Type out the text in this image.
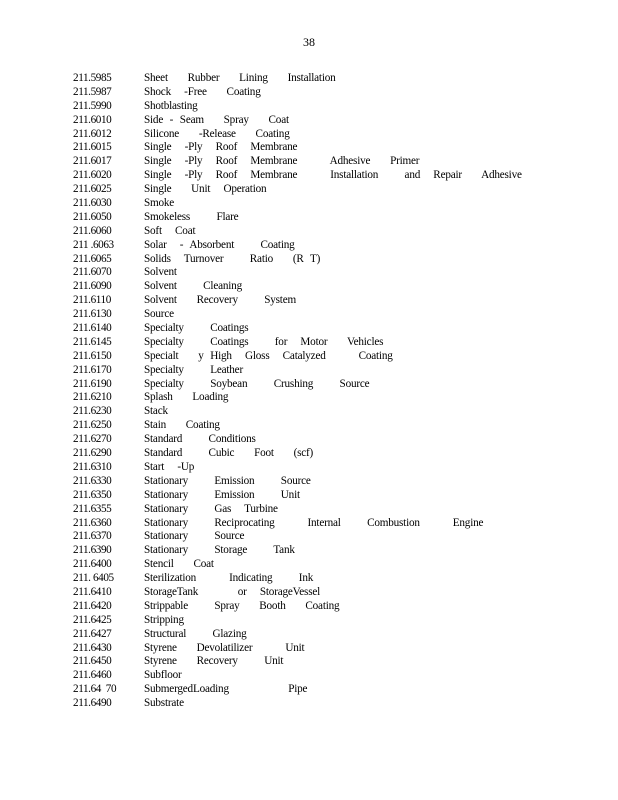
38
211.5985	Sheet   Rubber   Lining   Installation
211.5987	Shock  -Free   Coating
211.5990	Shotblasting
211.6010	Side - Seam   Spray   Coat
211.6012	Silicone   -Release   Coating
211.6015	Single  -Ply  Roof  Membrane
211.6017	Single  -Ply  Roof  Membrane     Adhesive   Primer
211.6020	Single  -Ply  Roof  Membrane     Installation    and  Repair   Adhesive
211.6025	Single   Unit  Operation
211.6030	Smoke
211.6050	Smokeless    Flare
211.6060	Soft  Coat
211 .6063	Solar  - Absorbent    Coating
211.6065	Solids  Turnover    Ratio   (R T)
211.6070	Solvent
211.6090	Solvent    Cleaning
211.6110	Solvent   Recovery    System
211.6130	Source
211.6140	Specialty    Coatings
211.6145	Specialty    Coatings    for  Motor   Vehicles
211.6150	Specialt   y High  Gloss  Catalyzed     Coating
211.6170	Specialty    Leather
211.6190	Specialty    Soybean    Crushing    Source
211.6210	Splash   Loading
211.6230	Stack
211.6250	Stain   Coating
211.6270	Standard    Conditions
211.6290	Standard    Cubic   Foot   (scf)
211.6310	Start  -Up
211.6330	Stationary    Emission    Source
211.6350	Stationary    Emission    Unit
211.6355	Stationary    Gas  Turbine
211.6360	Stationary    Reciprocating     Internal    Combustion     Engine
211.6370	Stationary    Source
211.6390	Stationary    Storage    Tank
211.6400	Stencil   Coat
211. 6405	Sterilization     Indicating    Ink
211.6410	StorageTank      or  StorageVessel
211.6420	Strippable    Spray   Booth   Coating
211.6425	Stripping
211.6427	Structural    Glazing
211.6430	Styrene   Devolatilizer     Unit
211.6450	Styrene   Recovery    Unit
211.6460	Subfloor
211.64  70 SubmergedLoading         Pipe
211.6490	Substrate
